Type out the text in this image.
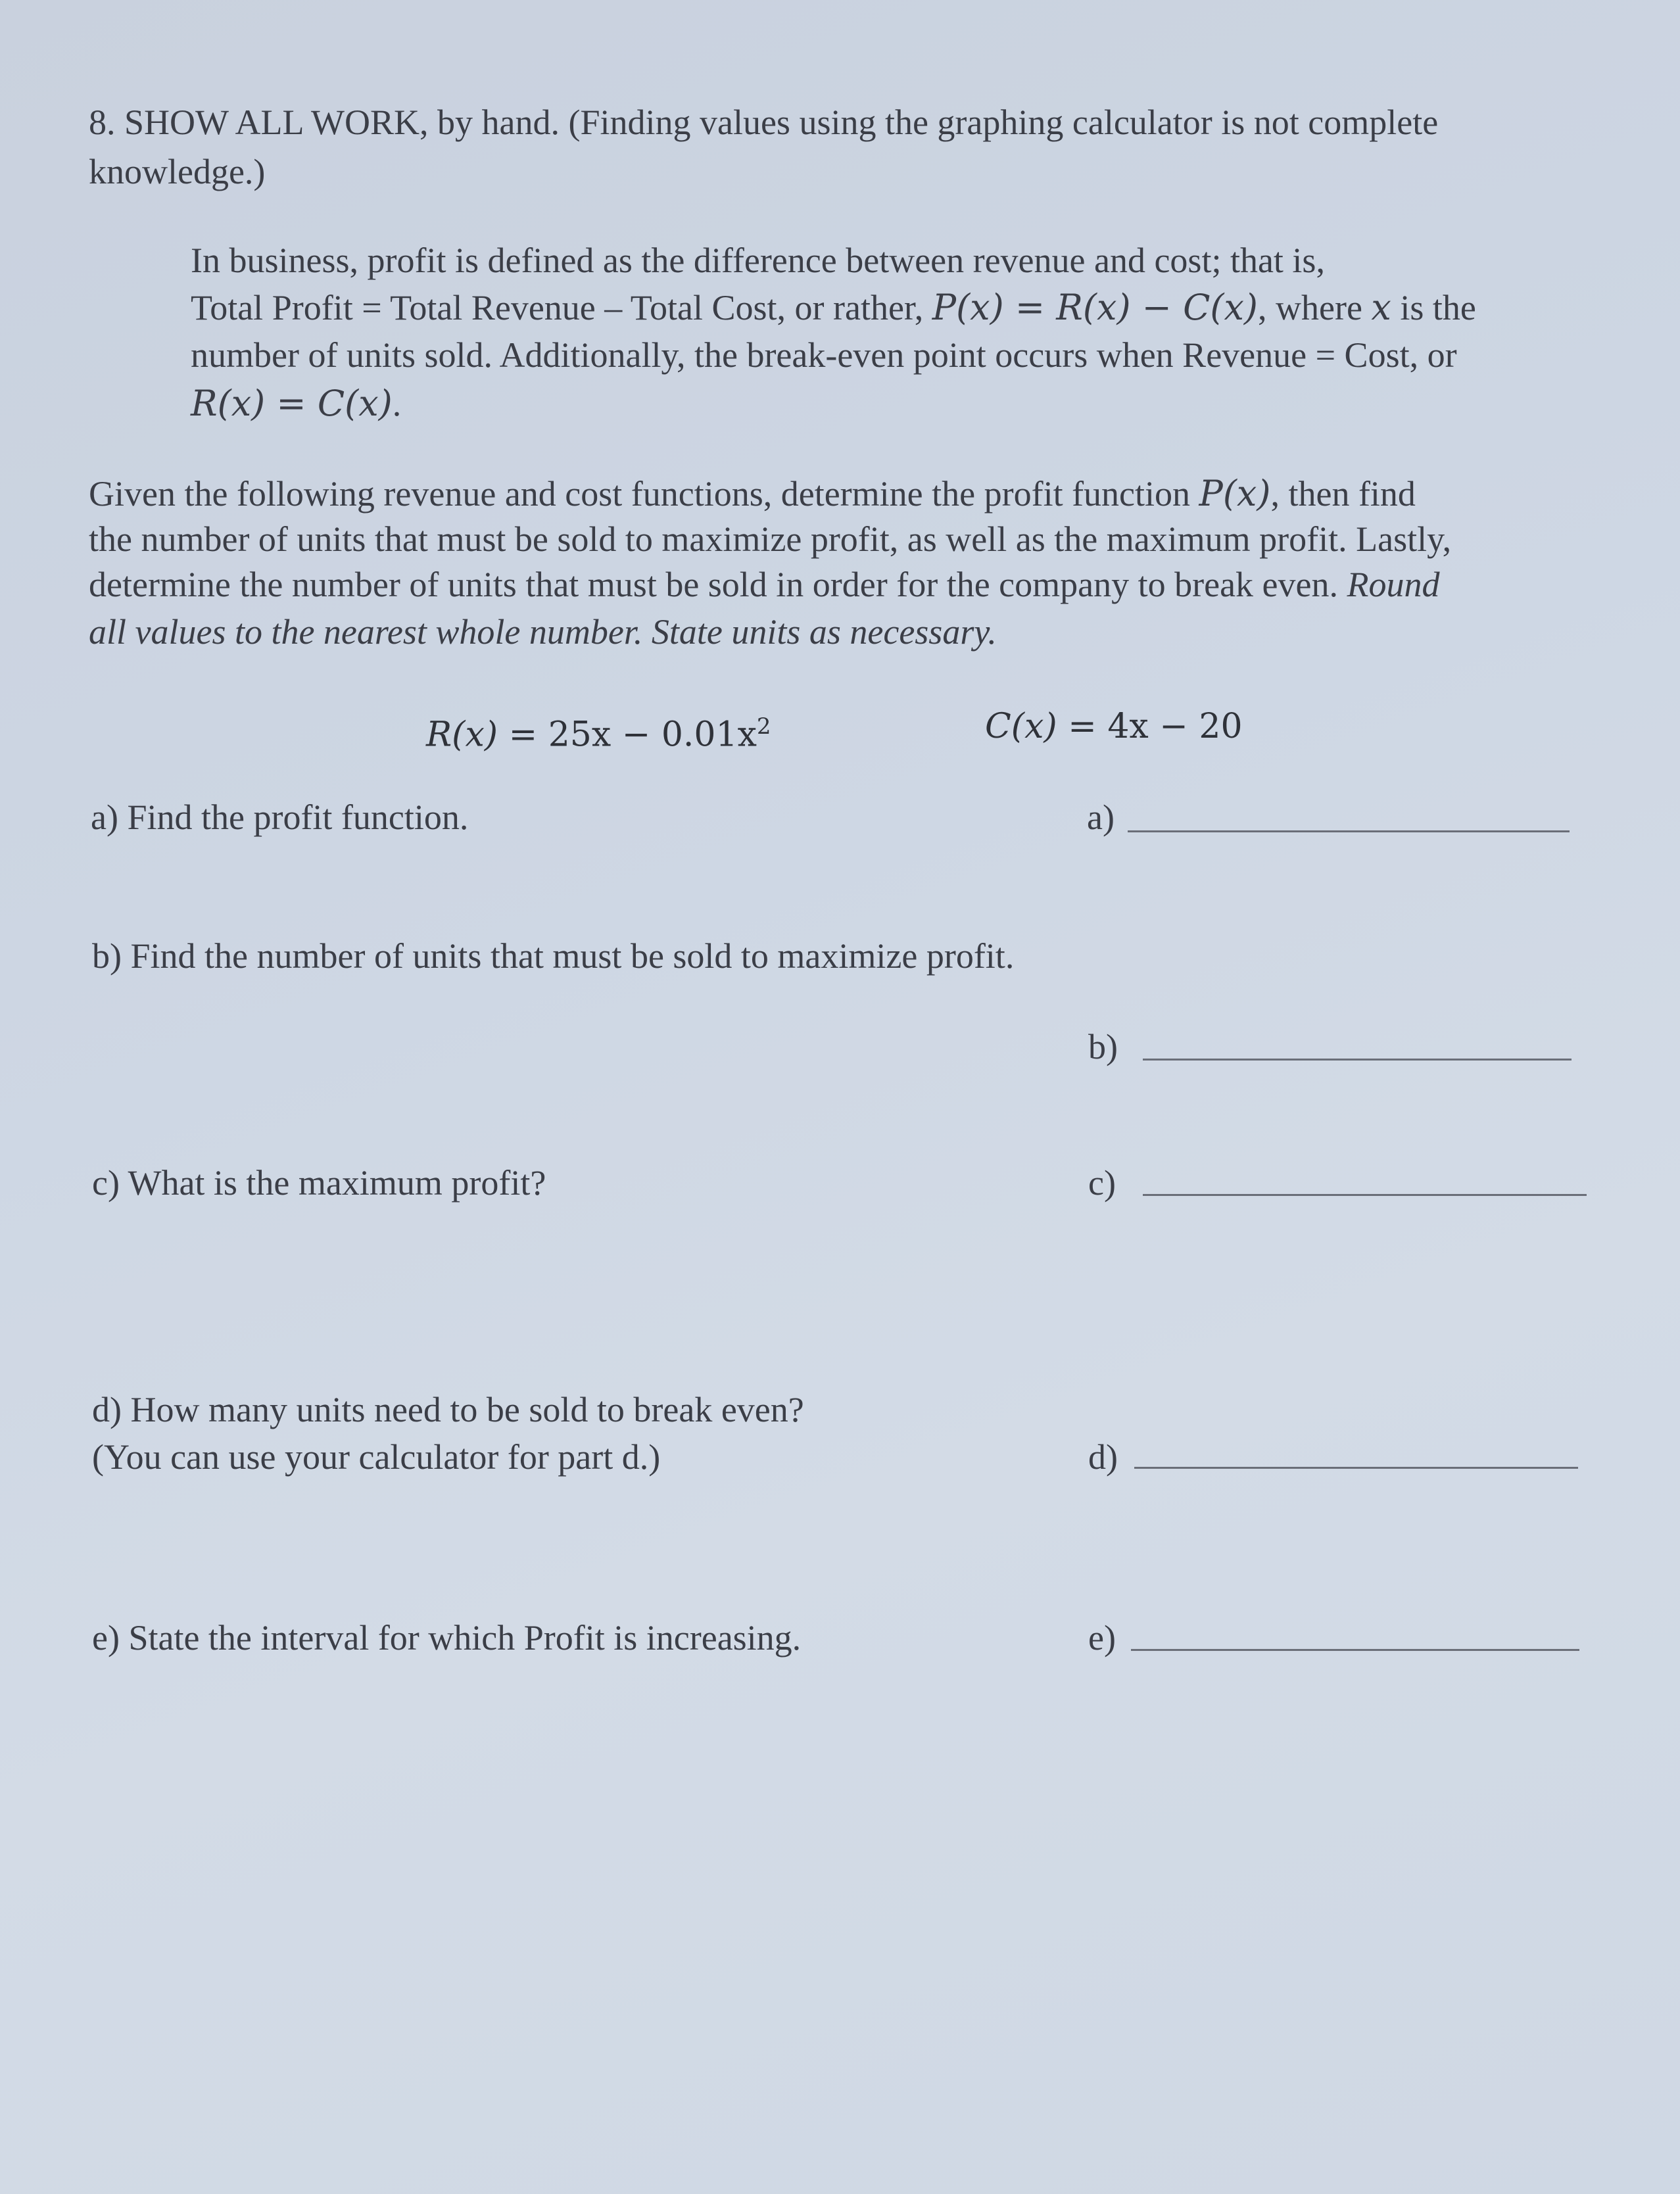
8. SHOW ALL WORK, by hand. (Finding values using the graphing calculator is not complete
knowledge.)
In business, profit is defined as the difference between revenue and cost; that is,
Total Profit = Total Revenue – Total Cost, or rather, P(x) = R(x) − C(x), where x is the
number of units sold. Additionally, the break-even point occurs when Revenue = Cost, or
R(x) = C(x).
Given the following revenue and cost functions, determine the profit function P(x), then find
the number of units that must be sold to maximize profit, as well as the maximum profit. Lastly,
determine the number of units that must be sold in order for the company to break even. Round
all values to the nearest whole number. State units as necessary.
$R(x) = 25x - 0.01x^2$	C(x) = 4x − 20
a) Find the profit function.	a)
b) Find the number of units that must be sold to maximize profit.
b)
c) What is the maximum profit?	c)
d) How many units need to be sold to break even?
(You can use your calculator for part d.)	d)
e) State the interval for which Profit is increasing.	e)
